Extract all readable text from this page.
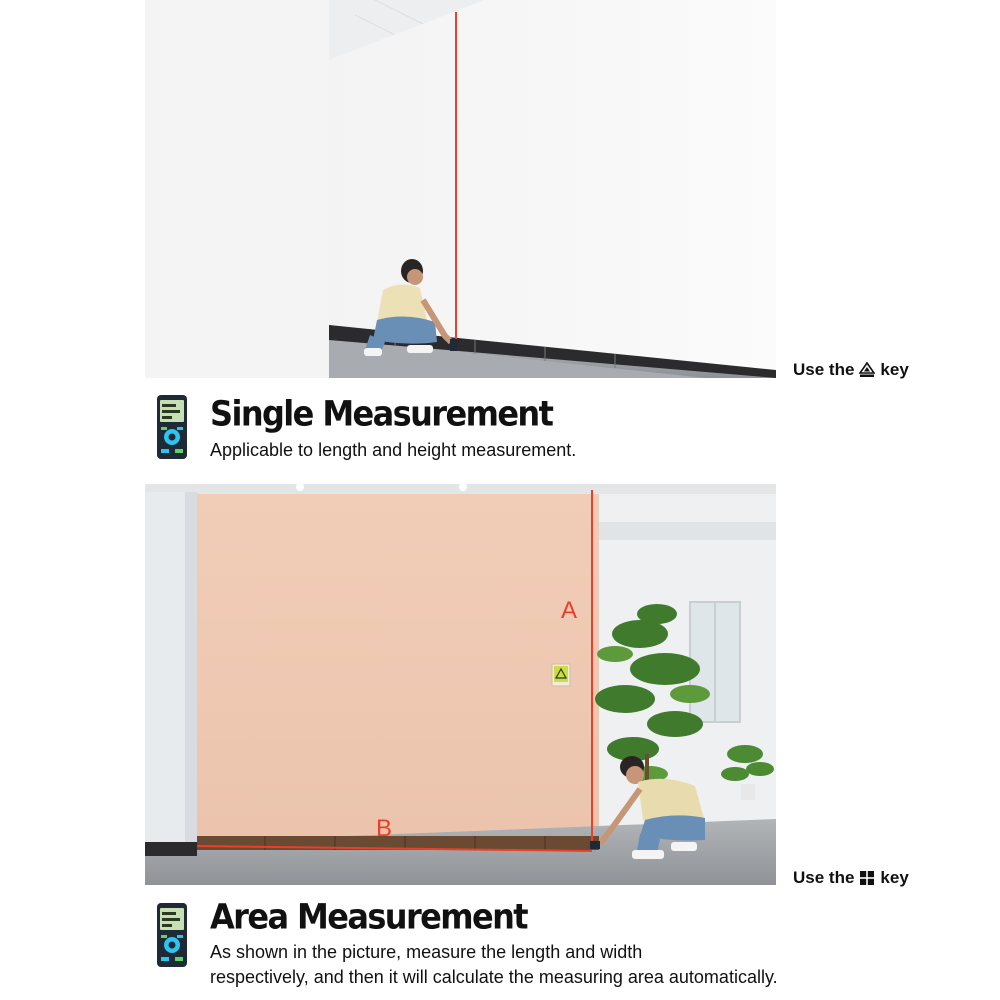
Use the key
Single Measurement
Applicable to length and height measurement.
A
B
Use the key
Area Measurement
As shown in the picture, measure the length and width
respectively, and then it will calculate the measuring area automatically.
